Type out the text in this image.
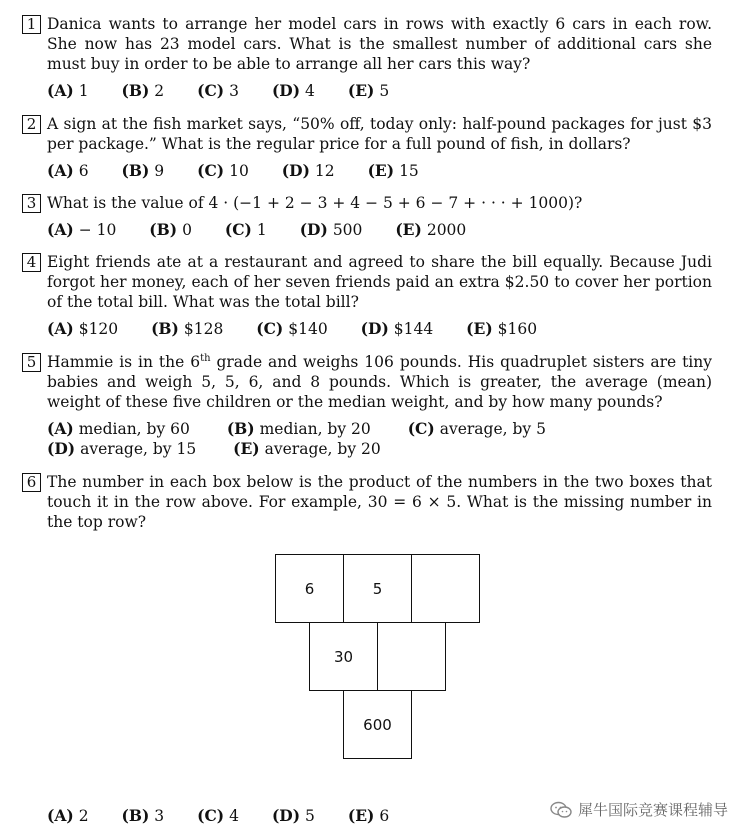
1 Danica wants to arrange her model cars in rows with exactly 6 cars in each row. She now has 23 model cars. What is the smallest number of additional cars she must buy in order to be able to arrange all her cars this way?
(A) 1 (B) 2 (C) 3 (D) 4 (E) 5
2 A sign at the fish market says, “50% off, today only: half-pound packages for just $3 per package.” What is the regular price for a full pound of fish, in dollars?
(A) 6 (B) 9 (C) 10 (D) 12 (E) 15
3 What is the value of 4 · (−1 + 2 − 3 + 4 − 5 + 6 − 7 + · · · + 1000)?
(A) − 10 (B) 0 (C) 1 (D) 500 (E) 2000
4 Eight friends ate at a restaurant and agreed to share the bill equally. Because Judi forgot her money, each of her seven friends paid an extra $2.50 to cover her portion of the total bill. What was the total bill?
(A) $120 (B) $128 (C) $140 (D) $144 (E) $160
5 Hammie is in the 6th grade and weighs 106 pounds. His quadruplet sisters are tiny babies and weigh 5, 5, 6, and 8 pounds. Which is greater, the average (mean) weight of these five children or the median weight, and by how many pounds?
(A) median, by 60 (B) median, by 20 (C) average, by 5 (D) average, by 15 (E) average, by 20
6 The number in each box below is the product of the numbers in the two boxes that touch it in the row above. For example, 30 = 6 × 5. What is the missing number in the top row?
6	5
30
600
(A) 2 (B) 3 (C) 4 (D) 5 (E) 6	犀牛国际竞赛课程辅导
